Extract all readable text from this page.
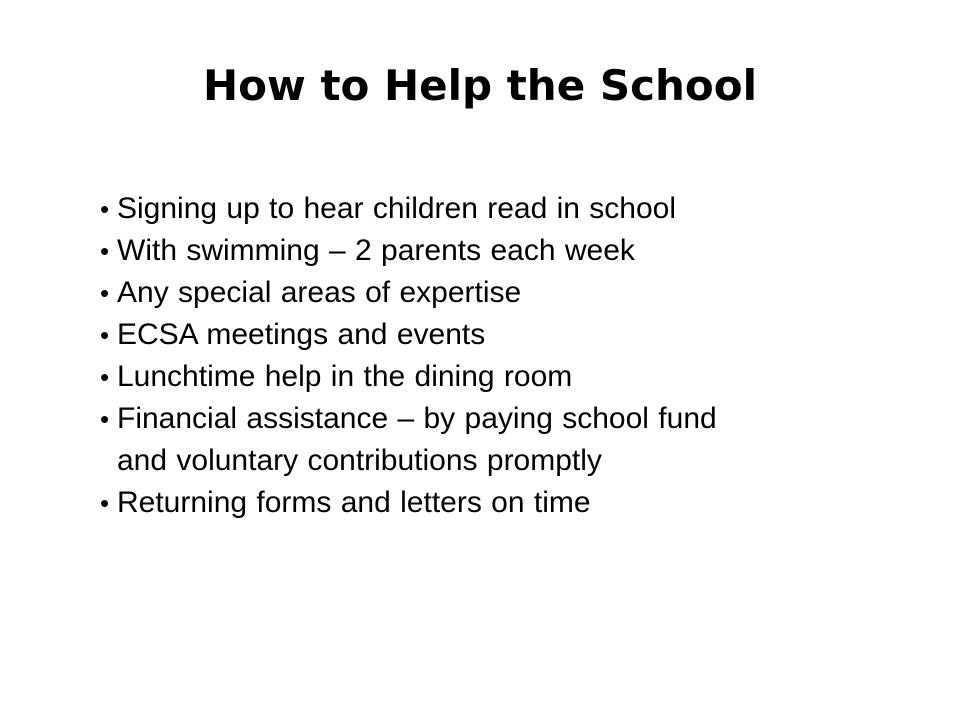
How to Help the School
• Signing up to hear children read in school
• With swimming – 2 parents each week
• Any special areas of expertise
• ECSA meetings and events
• Lunchtime help in the dining room
• Financial assistance – by paying school fund
and voluntary contributions promptly
• Returning forms and letters on time
